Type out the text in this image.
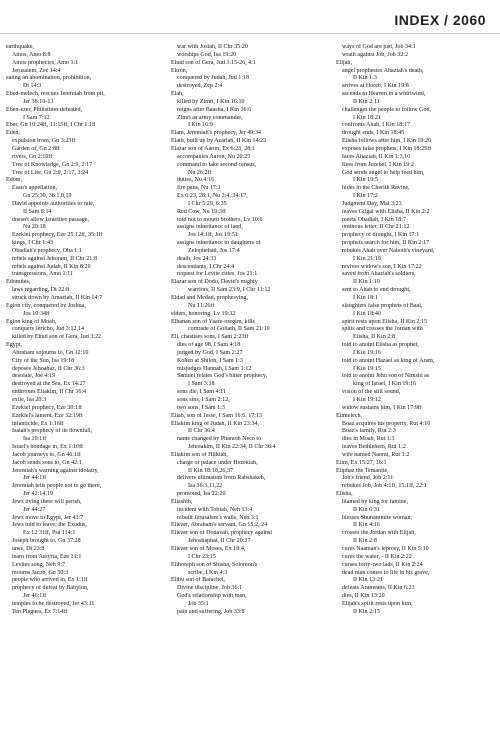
INDEX / 2060
earthquake,
Amos, Amo 8:8
Amos prophecies, Amo 1:1
Jerusalem, Zec 14:4
eating an abomination, prohibition,
Dt 14:3
Ebed-melech, rescues Jeremiah from pit,
Jer 38:10-13
Eben-ezer, Philistines defeated,
I Sam 7:12
Eber, Gn 10:24ff, 11:15ff, I Chr 1:18
Eden,
expulsion from, Gn 3:23ff
Garden of, Gn 2:8ff
rivers, Gn 2:10ff
Tree of Knowledge, Gn 2:9, 2:17
Tree of Life, Gn 2:9, 2:17, 3:24
Edom,
Esau's appellation,
Gn 25:30, 36:1,8,19
David appoints authorities to rule,
II Sam 8:14
doesn't allow Israelites passage,
Nu 20:18
Ezekiel prophecy, Eze 25:12ff, 35:1ff
kings, I Chr 1:43
Obadiah's prophecy, Oba 1:1
rebels against Jehoram, II Chr 21:8
rebels against Judah, II Kin 8:20
transgressions, Amo 1:11
Edomites,
laws regarding, Dt 22:8
struck down by Amaziah, II Kin 14:7
Eglon city, conquered by Joshua,
Jos 10:34ff
Eglon king of Moab,
conquers Jericho, Jud 3:12,14
killed by Ehud son of Gera, Jud 3:22
Egypt,
Abraham sojourns to, Gn 12:10
City of the Sun, Isa 19:18
deposes Jehoahaz, II Chr 36:3
desolate, Joe 4:19
destroyed at the Sea, Ex 14:27
enthrones Eliakim, II Chr 36:4
exile, Isa 20:3
Ezekiel prophecy, Eze 30:1ff
Ezekiel's lament, Eze 32:19ff
infanticide, Ex 1:16ff
Isaiah's prophecy of its downfall,
Isa 19:1ff
Israel's bondage in, Ex 1:10ff
Jacob journeys to, Gn 46:1ff
Jacob sends sons to, Gn 42:1
Jeremiah's warning against idolatry,
Jer 44:1ff
Jeremiah tells people not to go there,
Jer 42:14,19
Jews living there will perish,
Jer 44:27
Jews move to Egypt, Jer 43:7
Jews told to leave; the Exodus,
Ex 12:31ff, Psa 114:1
Joseph brought to, Gn 37:28
laws, Dt 23:8
learn from Assyria, Eze 31:1
Levites song, Neh 9:7
mourns Jacob, Gn 50:3
people who arrived in, Ex 1:1ff
prophecy of defeat by Babylon,
Jer 46:1ff
temples to be destroyed, Jer 43:11
Ten Plagues, Ex 7:14ff
war with Josiah, II Chr 35:20
worships God, Isa 19:20
Ehud son of Gera, Jud 3:15-26, 4:1
Ekron,
conquered by Judah, Jud 1:18
destroyed, Zep 2:4
Elah,
killed by Zimri, I Kin 16:10
reigns after Baasha, I Kin 16:6
Zimri as army commander,
I Kin 16:9
Elam, Jeremiah's prophecy, Jer 49:34
Elath, built up by Azariah, II Kin 14:22
Elazar son of Aaron, Ex 6:23, 28:1
accompanies Aaron, Nu 20:25
command to take second census,
Nu 26:2ff
duties, Nu 4:16
fire pans, Nu 17:1
Ex 6:23, 28:1, Nu 3:4, 34:17,
I Chr 5:29, 6:35
Red Cow, Nu 19:3ff
told not to mourn brothers, Lv 10:6
assigns inheritance of land,
Jos 14:1ff, Jos 19:51
assigns inheritance to daughters of
Zelophehad, Jos 17:4
death, Jos 24:33
descendants, I Chr 24:4
request for Levite cities, Jos 21:1
Elazar son of Dodo, David's mighty
warriors, II Sam 23:9, I Chr 11:12
Eldad and Medad, prophesying,
Nu 11:26ff
elders, honoring, Lv 19:32
Elhanan son of Yaare-oregim, kills
comrade of Goliath, II Sam 21:19
Eli, chastises sons, I Sam 2:23ff
dies of age 98, I Sam 4:18
judged by God, I Sam 2:27
Kohen at Shiloh, I Sam 1:3
misjudges Hannah, I Sam 1:12
Samuel relates God's bitter prophecy,
I Sam 3:18
sons die, I Sam 4:11
sons sins, I Sam 2:12,
two sons, I Sam 1:3
Eliab, son of Jesse, I Sam 16:6, 17:13
Eliakim king of Judah, II Kin 23:34,
II Chr 36:4
name changed by Pharaoh Neco to
Jehoiakim, II Kin 22:34, II Chr 36:4
Eliakim son of Hilkiah,
charge of palace under Hezekiah,
II Kin 18:18,26,37
delivers ultimatum from Rabshakeh,
Isa 36:3,11,22
promoted, Isa 22:20
Eliashib,
incident with Tobiah, Neh 13:4
rebuilt Jerusalem's walls, Neh 3:1
Eliezer, Abraham's servant, Gn 15:2, 24
Eliezer son of Dodavah, prophecy against
Jehoshaphat, II Chr 20:37
Eliezer son of Moses, Ex 18:4,
I Chr 23:15
Elihoreph son of Shisha, Solomon's
scribe, I Kin 4:3
Elihu son of Barachel,
Divine discipline, Job 36:1
God's relationship with man,
Job 35:1
pain and suffering, Job 33:8
ways of God are just, Job 34:1
wrath against Job, Job 32:2
Elijah,
angel prophesies Ahaziah's death,
II Kin 1:3
arrives at Horeb, I Kin 19:8
ascends to Heaven in a whirlwind,
II Kin 2:11
challenges the people to follow God,
I Kin 18:21
confronts Ahab, I Kin 18:17
drought ends, I Kin 18:45
Elisha follows after him, I Kin 19:20
exposes false prophets, I Kin 18:25ff
faces Ahaziah, II Kin 1:3,16
flees from Jezebel, I Kin 19:2
God sends angel to help feed him,
I Kin 19:5
hides in the Cherith Ravine,
I Kin 17:2
Judgment Day, Mal 3:23
leaves Gilgal with Elisha, II Kin 2:2
meets Obadiah, I Kin 18:7
ominous letter, II Chr 21:12
prophecy of drought, I Kin 17:1
prophets search for him, II Kin 2:17
rebukes Ahab over Naboth's vineyard,
I Kin 21:19
revives widow's son, I Kin 17:22
saved from Ahaziah's soldiers,
II Kin 1:10
sent to Ahab to end drought,
I Kin 18:1
slaughters false prophets of Baal,
I Kin 18:40
spirit rests upon Elisha, II Kin 2:15
splits and crosses the Jordan with
Elisha, II Kin 2:8
told to anoint Elisha as prophet,
I Kin 19:16
told to anoint Hazael as king of Aram,
I Kin 19:15
told to anoint Jehu son of Nimshi as
king of Israel, I Kin 19:16
vision of the still sound,
I Kin 19:12
widow sustains him, I Kin 17:9ff
Elimelech,
Boaz acquires his property, Rut 4:10
Boaz's family, Rut 2:3
dies in Moab, Rut 1:3
leaves Bethlehem, Rut 1:2
wife named Naomi, Rut 1:2
Elim, Ex 15:27, 16:1
Eliphaz the Temanite,
Job's friend, Job 2:11
rebukes Job, Job 4:1ff, 15:1ff, 22:1
Elisha,
blamed by king for famine,
II Kin 6:31
blesses Shunammite woman,
II Kin 4:16
crosses the Jordan with Elijah,
II Kin 2:8
cures Naaman's leprosy, II Kin 5:10
cures the water, - II Kin 2:22
curses forty-two lads, II Kin 2:24
dead man comes to life in his grave,
II Kin 13:21
defeats Arameans, II Kin 6:23
dies, II Kin 13:20
Elijah's spirit rests upon him,
II Kin 2:15
